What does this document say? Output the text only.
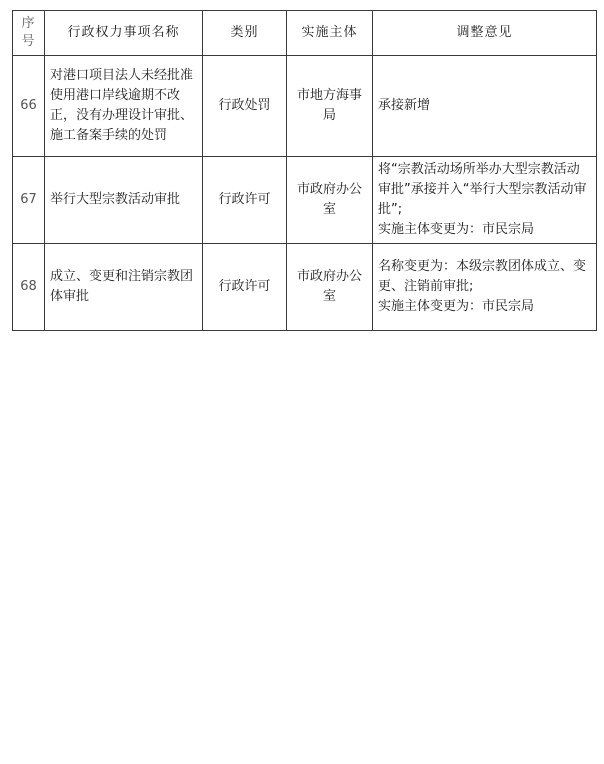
序号	行政权力事项名称	类别	实施主体	调整意见
66	对港口项目法人未经批准使用港口岸线逾期不改正，没有办理设计审批、施工备案手续的处罚	行政处罚	市地方海事局	承接新增

67	举行大型宗教活动审批	行政许可	市政府办公室	将“宗教活动场所举办大型宗教活动审批”承接并入“举行大型宗教活动审批”;
实施主体变更为：市民宗局

68	成立、变更和注销宗教团体审批	行政许可	市政府办公室	名称变更为：本级宗教团体成立、变更、注销前审批;
实施主体变更为：市民宗局
